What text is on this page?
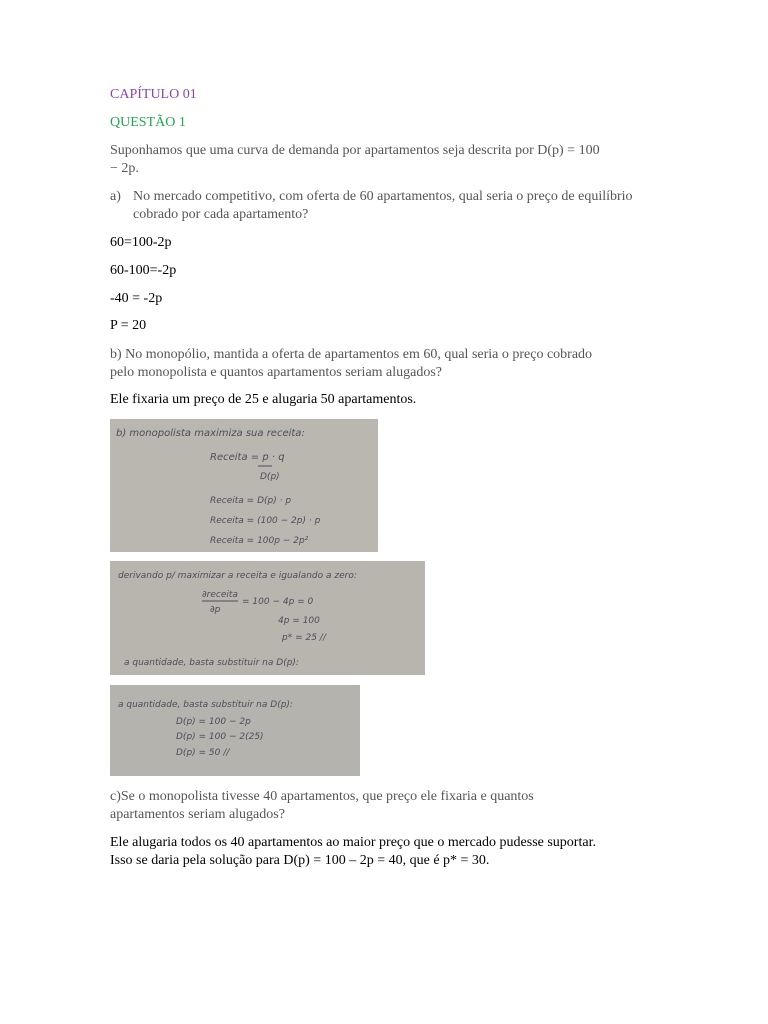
CAPÍTULO 01
QUESTÃO 1
Suponhamos que uma curva de demanda por apartamentos seja descrita por D(p) = 100
− 2p.
a) No mercado competitivo, com oferta de 60 apartamentos, qual seria o preço de equilíbrio cobrado por cada apartamento?
60=100-2p
60-100=-2p
-40 = -2p
P = 20
b) No monopólio, mantida a oferta de apartamentos em 60, qual seria o preço cobrado
pelo monopolista e quantos apartamentos seriam alugados?
Ele fixaria um preço de 25 e alugaria 50 apartamentos.
b) monopolista maximiza sua receita:
Receita = p · q
D(p)
Receita = D(p) · p
Receita = (100 − 2p) · p
Receita = 100p − 2p²
derivando p/ maximizar a receita e igualando a zero:
∂receita
∂p
= 100 − 4p = 0
4p = 100
p* = 25 //
a quantidade, basta substituir na D(p):
a quantidade, basta substituir na D(p):
D(p) = 100 − 2p
D(p) = 100 − 2(25)
D(p) = 50 //
c)Se o monopolista tivesse 40 apartamentos, que preço ele fixaria e quantos
apartamentos seriam alugados?
Ele alugaria todos os 40 apartamentos ao maior preço que o mercado pudesse suportar.
Isso se daria pela solução para D(p) = 100 – 2p = 40, que é p* = 30.
